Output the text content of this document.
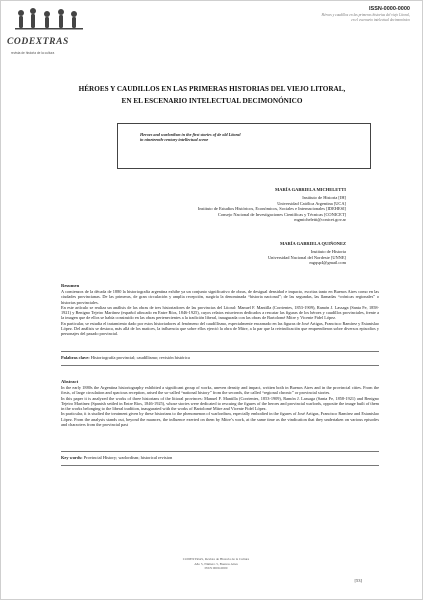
CODEXTRAS
revista de historia de la cultura
ISSN-0000-0000
Héroes y caudillos en las primeras historias del viejo Litoral,
en el escenario intelectual decimonónico
HÉROES Y CAUDILLOS EN LAS PRIMERAS HISTORIAS DEL VIEJO LITORAL,
EN EL ESCENARIO INTELECTUAL DECIMONÓNICO
Heroes and warlordism in the first stories of de old Litoral
in nineteenth-century intellectual scene
MARÍA GABRIELA MICHELETTI
Instituto de Historia [IH]
Universidad Católica Argentina [UCA]
Instituto de Estudios Históricos, Económicos, Sociales e Internacionales [IDEHESI]
Consejo Nacional de Investigaciones Científicas y Técnicas [CONICET]
mgmicheletti@conicet.gov.ar
MARÍA GABRIELA QUIÑONEZ
Instituto de Historia
Universidad Nacional del Nordeste [UNNE]
mgqsp4@gmail.com
Resumen
A comienzos de la década de 1880 la historiografía argentina exhibe ya un conjunto significativo de obras, de desigual densidad e impacto, escritas tanto en Buenos Aires como en las ciudades provincianas. De las primeras, de gran circulación y amplia recepción, surgiría la denominada “historia nacional”; de las segundas, las llamadas “crónicas regionales” o historias provinciales.
En este artículo se realiza un análisis de las obras de tres historiadores de las provincias del Litoral: Manuel F. Mantilla (Corrientes, 1853-1909), Ramón J. Lassaga (Santa Fe, 1858-1921) y Benigno Tejeiro Martínez (español afincado en Entre Ríos, 1846-1925), cuyos relatos estuvieron dedicados a rescatar las figuras de los héroes y caudillos provinciales, frente a la imagen que de ellos se había construido en las obras pertenecientes a la tradición liberal, inaugurada con las obras de Bartolomé Mitre y Vicente Fidel López.
En particular, se estudia el tratamiento dado por estos historiadores al fenómeno del caudillismo, especialmente encarnado en las figuras de José Artigas, Francisco Ramírez y Estanislao López. Del análisis se destaca, más allá de los matices, la influencia que sobre ellos ejerció la obra de Mitre, a la par que la reivindicación que emprendieron sobre diversos episodios y personajes del pasado provincial.
Palabras clave: Historiografía provincial; caudillismo; revisión histórica
Abstract
In the early 1880s the Argentina historiography exhibited a significant group of works, uneven density and impact, written both in Buenos Aires and in the provincial cities. From the firsts, of large circulation and spacious reception, arised the so-called “national history” from the seconds, the called “regional chronic” or provincial stories.
In this paper it is analyzed the works of three historians of the littoral provinces: Manuel F. Mantilla (Corrientes, 1853-1909), Ramón J. Lassaga (Santa Fe, 1858-1921) and Benigno Tejeiro Martínez (Spanish settled in Entre Ríos, 1846-1925), whose stories were dedicated to rescuing the figures of the heroes and provincial warlords, opposite the image built of them in the works belonging to the liberal tradition, inaugurated with the works of Bartolomé Mitre and Vicente Fidel López.
In particular, it is studied the treatment given by these historians to the phenomenon of warlordism, especially embodied in the figures of José Artigas, Francisco Ramírez and Estanislao López. From the analysis stands out, beyond the nuances, the influence exerted on them by Mitre’s work, at the same time as the vindication that they undertaken on various episodes and characters from the provincial past
Key words: Provincial History; warlordism; historical revision
CODEXTRAS, Revista de Historia de la Cultura
Año 5, Número 5, Buenos Aires
ISSN 0000-0000
[53]
